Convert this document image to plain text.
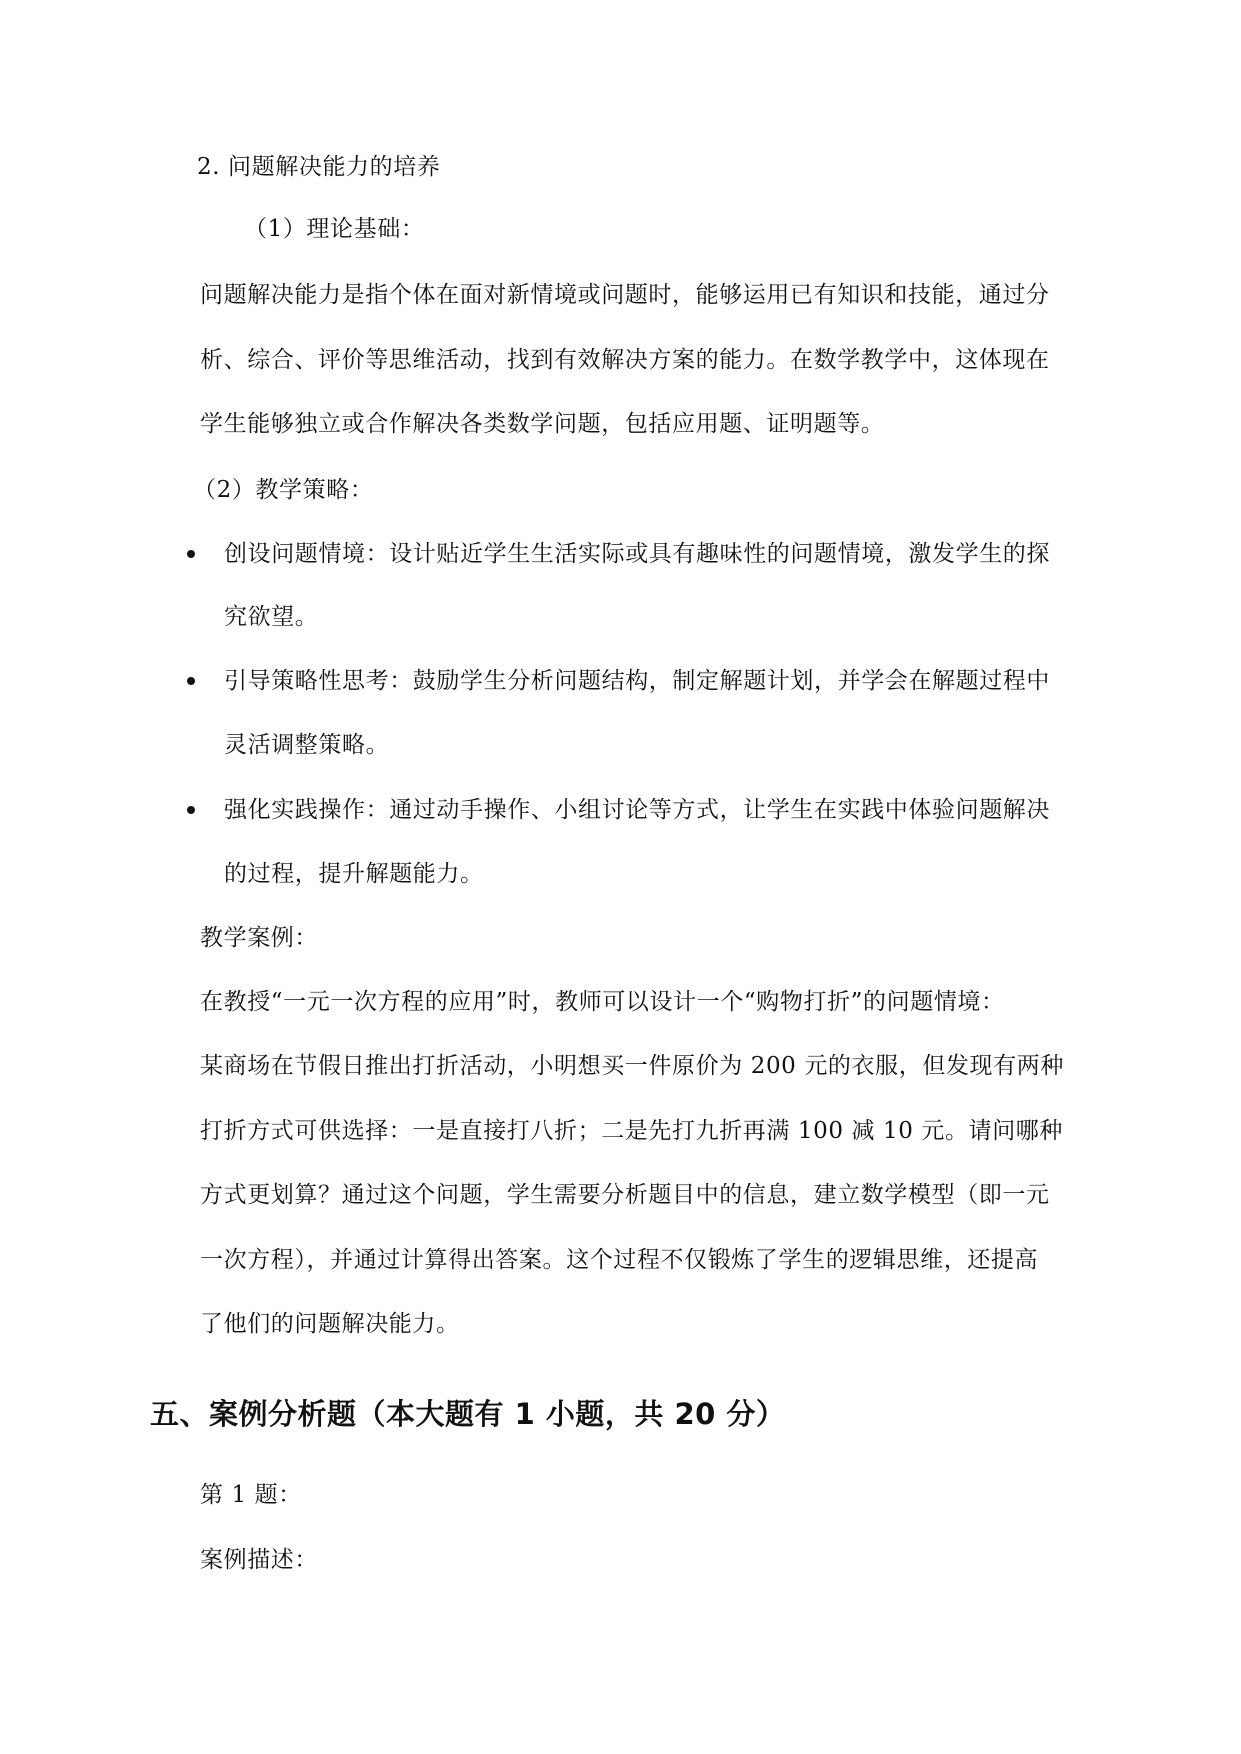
2. 问题解决能力的培养
（1）理论基础：
问题解决能力是指个体在面对新情境或问题时，能够运用已有知识和技能，通过分
析、综合、评价等思维活动，找到有效解决方案的能力。在数学教学中，这体现在
学生能够独立或合作解决各类数学问题，包括应用题、证明题等。
（2）教学策略：
创设问题情境：设计贴近学生生活实际或具有趣味性的问题情境，激发学生的探
究欲望。
引导策略性思考：鼓励学生分析问题结构，制定解题计划，并学会在解题过程中
灵活调整策略。
强化实践操作：通过动手操作、小组讨论等方式，让学生在实践中体验问题解决
的过程，提升解题能力。
教学案例：
在教授“一元一次方程的应用”时，教师可以设计一个“购物打折”的问题情境：
某商场在节假日推出打折活动，小明想买一件原价为 200 元的衣服，但发现有两种
打折方式可供选择：一是直接打八折；二是先打九折再满 100 减 10 元。请问哪种
方式更划算？通过这个问题，学生需要分析题目中的信息，建立数学模型（即一元
一次方程），并通过计算得出答案。这个过程不仅锻炼了学生的逻辑思维，还提高
了他们的问题解决能力。
五、案例分析题（本大题有 1 小题，共 20 分）
第 1 题：
案例描述：
